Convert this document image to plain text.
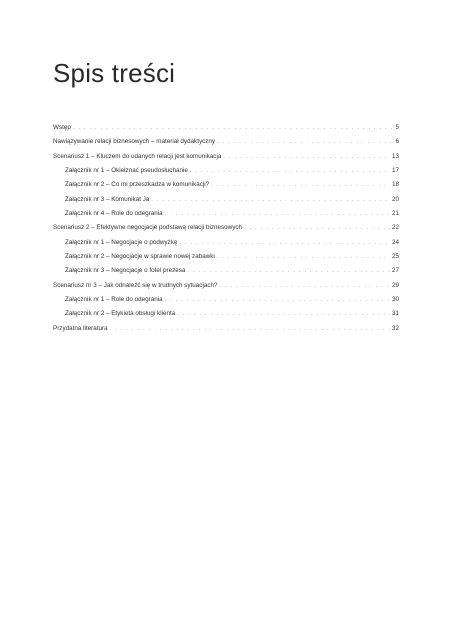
Spis treści
Wstęp . . .	5
Nawiązywanie relacji biznesowych – materiał dydaktyczny . . .	6
Scenariusz 1 – Kluczem do udanych relacji jest komunikacja . . .	13
Załącznik nr 1 – Okiełznać pseudosłuchanie . . .	17
Załącznik nr 2 – Co mi przeszkadza w komunikacji? . . .	18
Załącznik nr 3 – Komunikat Ja . . .	20
Załącznik nr 4 – Role do odegrania . . .	21
Scenariusz 2 – Efektywne negocjacje podstawą relacji biznesowych . . .	22
Załącznik nr 1 – Negocjacje o podwyżkę . . .	24
Załącznik nr 2 – Negocjacje w sprawie nowej zabawki . . .	25
Załącznik nr 3 – Negocjacje o fotel prezesa . . .	27
Scenariusz nr 3 – Jak odnaleźć się w trudnych sytuacjach? . . .	29
Załącznik nr 1 – Role do odegrania . . .	30
Załącznik nr 2 – Etykieta obsługi klienta . . .	31
Przydatna literatura . . .	32
